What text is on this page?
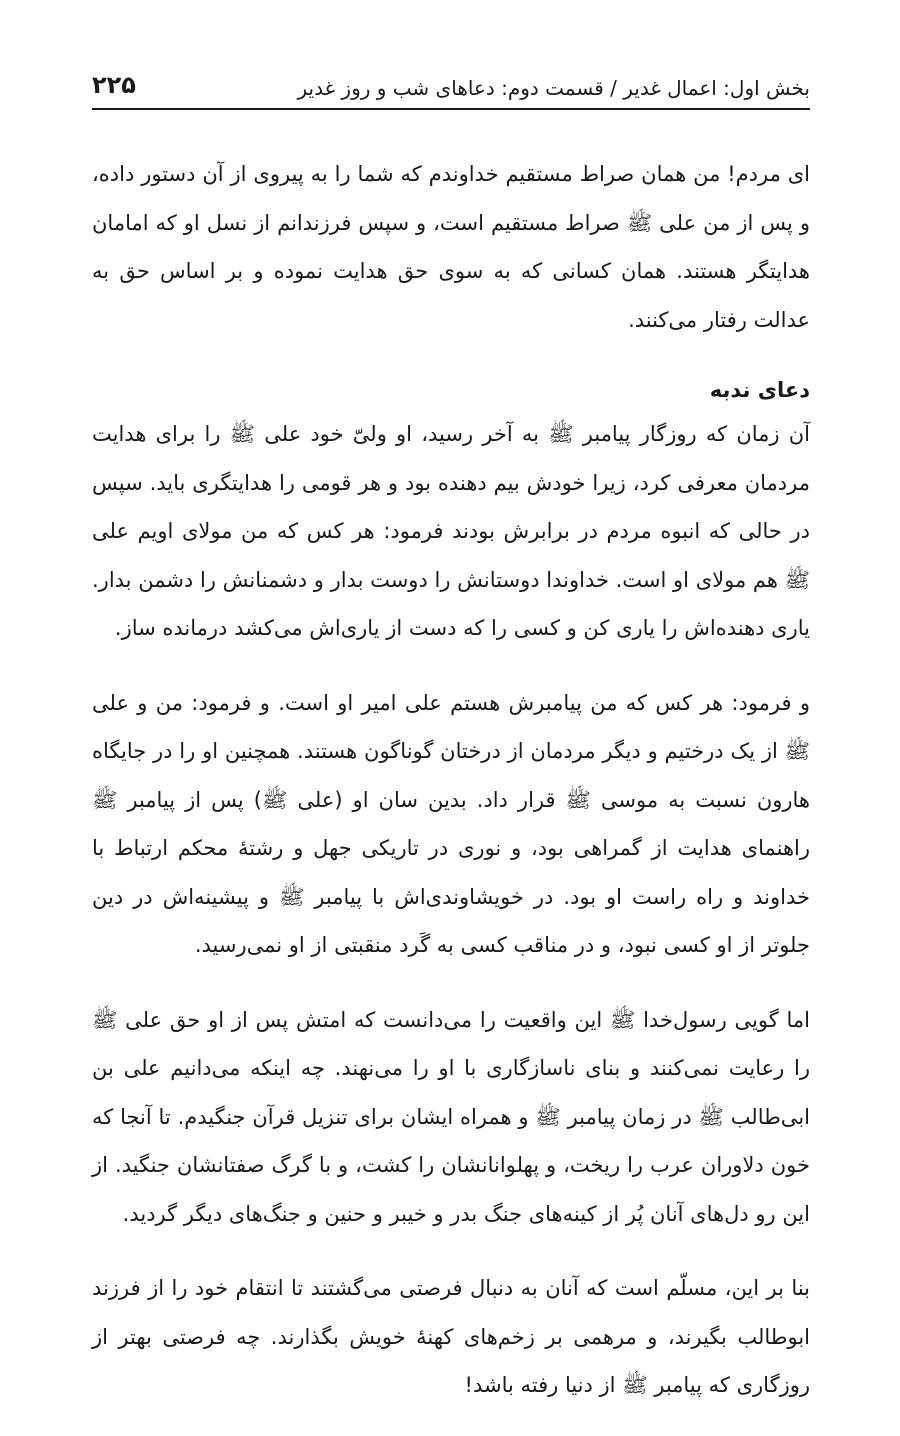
بخش اول: اعمال غدیر / قسمت دوم: دعاهای شب و روز غدیر
۲۲۵

ای مردم! من همان صراط مستقیم خداوندم که شما را به پیروی از آن دستور داده، و پس از من علی ﷺ صراط مستقیم است، و سپس فرزندانم از نسل او که امامان هدایتگر هستند. همان کسانی که به سوی حق هدایت نموده و بر اساس حق به عدالت رفتار می‌کنند.

دعای ندبه

آن زمان که روزگار پیامبر ﷺ به آخر رسید، او ولیّ خود علی ﷺ را برای هدایت مردمان معرفی کرد، زیرا خودش بیم دهنده بود و هر قومی را هدایتگری باید. سپس در حالی که انبوه مردم در برابرش بودند فرمود: هر کس که من مولای اویم علی ﷺ هم مولای او است. خداوندا دوستانش را دوست بدار و دشمنانش را دشمن بدار. یاری دهنده‌اش را یاری کن و کسی را که دست از یاری‌اش می‌کشد درمانده ساز.

و فرمود: هر کس که من پیامبرش هستم علی امیر او است. و فرمود: من و علی ﷺ از یک درختیم و دیگر مردمان از درختان گوناگون هستند. همچنین او را در جایگاه هارون نسبت به موسی ﷺ قرار داد. بدین سان او (علی ﷺ) پس از پیامبر ﷺ راهنمای هدایت از گمراهی بود، و نوری در تاریکی جهل و رشتهٔ محکم ارتباط با خداوند و راه راست او بود. در خویشاوندی‌اش با پیامبر ﷺ و پیشینه‌اش در دین جلوتر از او کسی نبود، و در مناقب کسی به گَرد منقبتی از او نمی‌رسید.

اما گویی رسول‌خدا ﷺ این واقعیت را می‌دانست که امتش پس از او حق علی ﷺ را رعایت نمی‌کنند و بنای ناسازگاری با او را می‌نهند. چه اینکه می‌دانیم علی بن ابی‌طالب ﷺ در زمان پیامبر ﷺ و همراه ایشان برای تنزیل قرآن جنگیدم. تا آنجا که خون دلاوران عرب را ریخت، و پهلوانانشان را کشت، و با گرگ صفتانشان جنگید. از این رو دل‌های آنان پُر از کینه‌های جنگ بدر و خیبر و حنین و جنگ‌های دیگر گردید.

بنا بر این، مسلّم است که آنان به دنبال فرصتی می‌گشتند تا انتقام خود را از فرزند ابوطالب بگیرند، و مرهمی بر زخم‌های کهنهٔ خویش بگذارند. چه فرصتی بهتر از روزگاری که پیامبر ﷺ از دنیا رفته باشد!
